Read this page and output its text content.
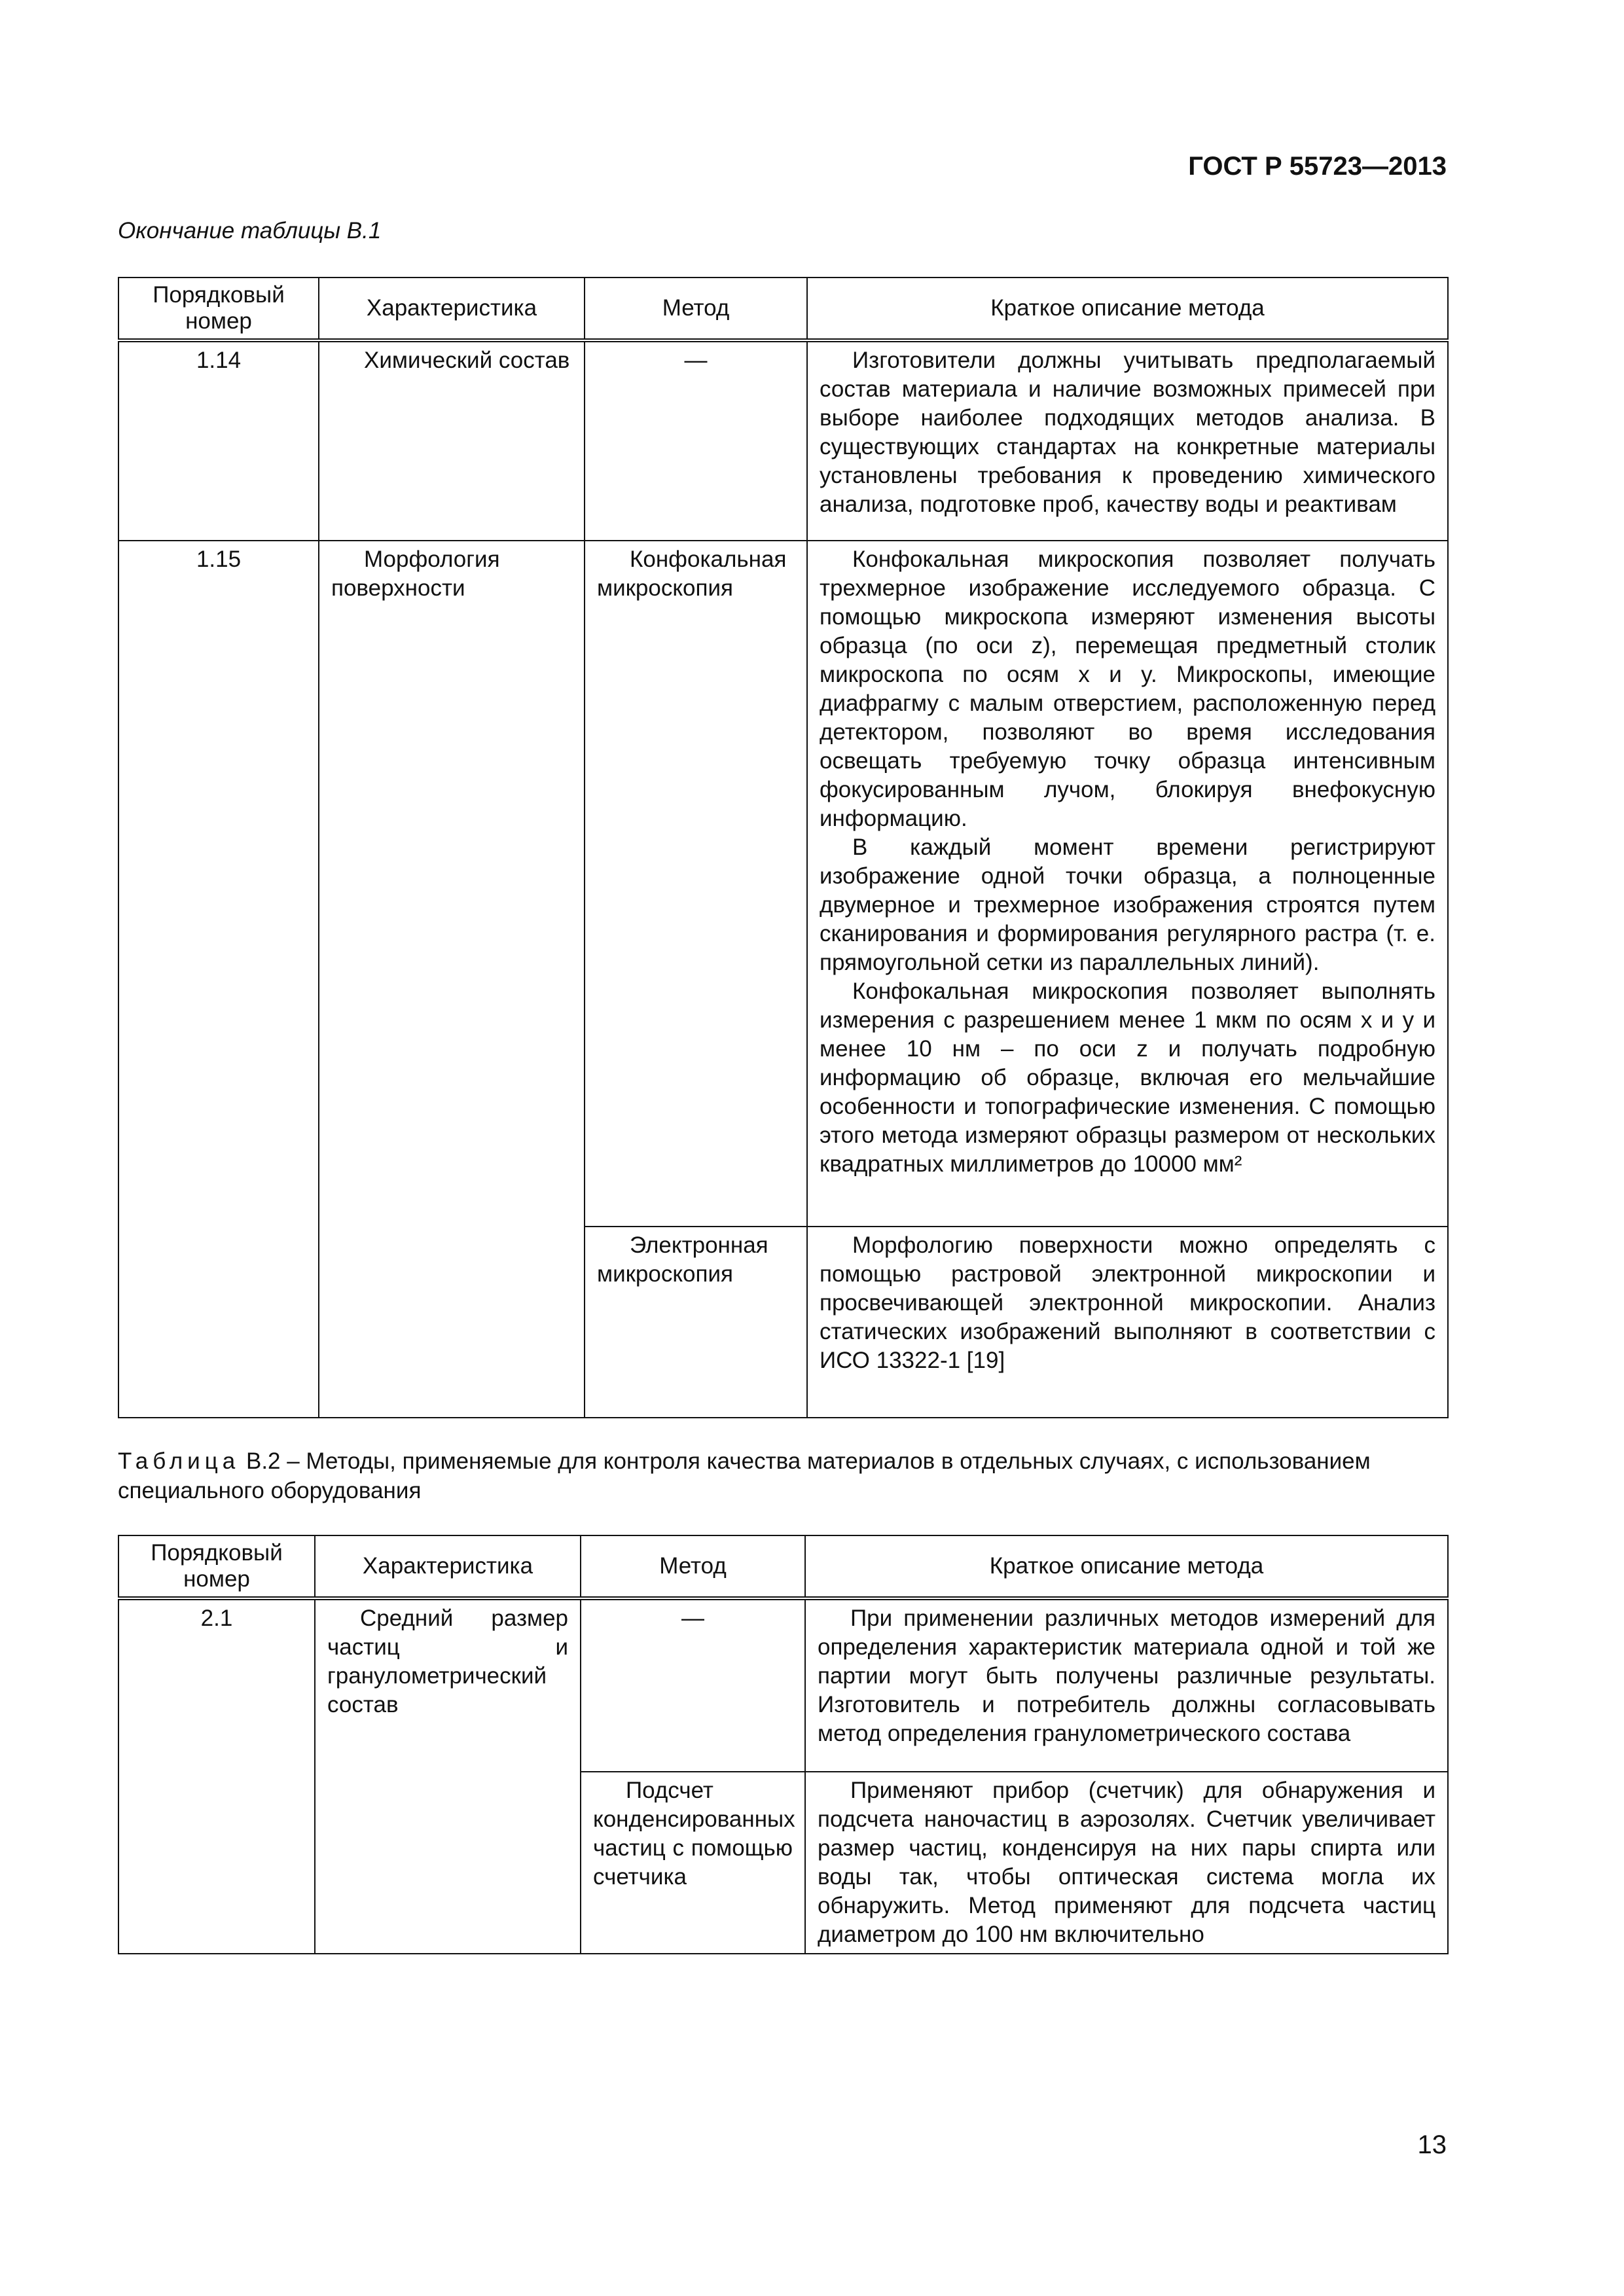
ГОСТ Р 55723—2013
Окончание таблицы В.1
Порядковый номер	Характеристика	Метод	Краткое описание метода
1.14	Химический состав	—	Изготовители должны учитывать предполагаемый состав материала и наличие возможных примесей при выборе наиболее подходящих методов анализа. В существующих стандартах на конкретные материалы установлены требования к проведению химического анализа, подготовке проб, качеству воды и реактивам

1.15	Морфология поверхности	Конфокальная микроскопия	Конфокальная микроскопия позволяет получать трехмерное изображение исследуемого образца. С помощью микроскопа измеряют изменения высоты образца (по оси z), перемещая предметный столик микроскопа по осям x и y. Микроскопы, имеющие диафрагму с малым отверстием, расположенную перед детектором, позволяют во время исследования освещать требуемую точку образца интенсивным фокусированным лучом, блокируя внефокусную информацию.

В каждый момент времени регистрируют изображение одной точки образца, а полноценные двумерное и трехмерное изображения строятся путем сканирования и формирования регулярного растра (т. е. прямоугольной сетки из параллельных линий).

Конфокальная микроскопия позволяет выполнять измерения с разрешением менее 1 мкм по осям x и y и менее 10 нм – по оси z и получать подробную информацию об образце, включая его мельчайшие особенности и топографические изменения. С помощью этого метода измеряют образцы размером от нескольких квадратных миллиметров до 10000 мм²

		Электронная микроскопия	Морфологию поверхности можно определять с помощью растровой электронной микроскопии и просвечивающей электронной микроскопии. Анализ статических изображений выполняют в соответствии с ИСО 13322-1 [19]

Таблица В.2 – Методы, применяемые для контроля качества материалов в отдельных случаях, с использованием специального оборудования
Порядковый номер	Характеристика	Метод	Краткое описание метода
2.1	Средний размер частиц и гранулометрический состав	—	При применении различных методов измерений для определения характеристик материала одной и той же партии могут быть получены различные результаты. Изготовитель и потребитель должны согласовывать метод определения гранулометрического состава

		Подсчет конденсированных частиц с помощью счетчика	Применяют прибор (счетчик) для обнаружения и подсчета наночастиц в аэрозолях. Счетчик увеличивает размер частиц, конденсируя на них пары спирта или воды так, чтобы оптическая система могла их обнаружить. Метод применяют для подсчета частиц диаметром до 100 нм включительно

13
